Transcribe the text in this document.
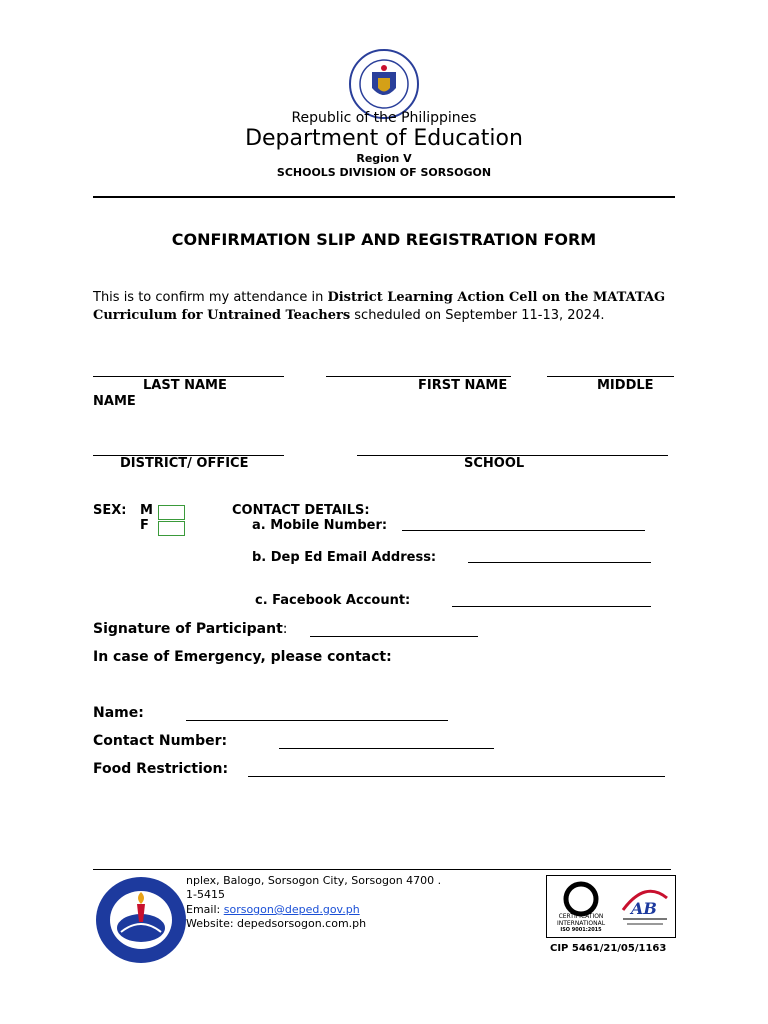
Republic of the Philippines
Department of Education
Region V
SCHOOLS DIVISION OF SORSOGON
CONFIRMATION SLIP AND REGISTRATION FORM
This is to confirm my attendance in District Learning Action Cell on the MATATAG
Curriculum for Untrained Teachers scheduled on September 11-13, 2024.
LAST NAME	FIRST NAME	MIDDLE
NAME
DISTRICT/ OFFICE	SCHOOL
SEX: M
F
CONTACT DETAILS:
a. Mobile Number:
b. Dep Ed Email Address:
c. Facebook Account:
Signature of Participant:
In case of Emergency, please contact:
Name:
Contact Number:
Food Restriction:
nplex, Balogo, Sorsogon City, Sorsogon 4700 .
1-5415
Email: sorsogon@deped.gov.ph
Website: depedsorsogon.com.ph
CERTIFICATION
INTERNATIONAL
ISO 9001:2015
AB
CIP 5461/21/05/1163
